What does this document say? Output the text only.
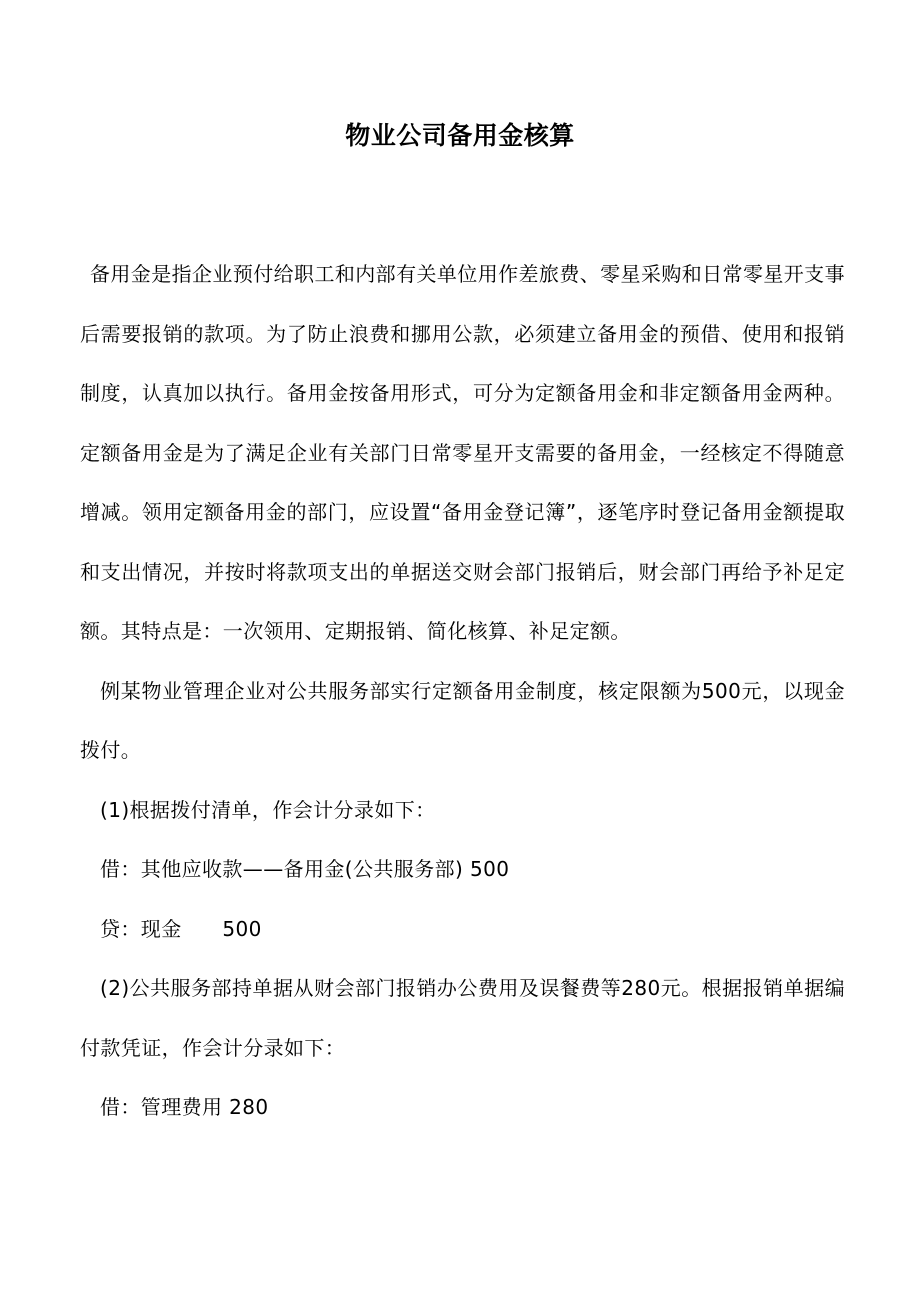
物业公司备用金核算

备用金是指企业预付给职工和内部有关单位用作差旅费、零星采购和日常零星开支事后需要报销的款项。为了防止浪费和挪用公款，必须建立备用金的预借、使用和报销制度，认真加以执行。备用金按备用形式，可分为定额备用金和非定额备用金两种。定额备用金是为了满足企业有关部门日常零星开支需要的备用金，一经核定不得随意增减。领用定额备用金的部门，应设置“备用金登记簿”，逐笔序时登记备用金额提取和支出情况，并按时将款项支出的单据送交财会部门报销后，财会部门再给予补足定额。其特点是：一次领用、定期报销、简化核算、补足定额。

例某物业管理企业对公共服务部实行定额备用金制度，核定限额为500元，以现金拨付。

(1)根据拨付清单，作会计分录如下：

借：其他应收款——备用金(公共服务部) 500

贷：现金　　500

(2)公共服务部持单据从财会部门报销办公费用及误餐费等280元。根据报销单据编付款凭证，作会计分录如下：

借：管理费用 280
